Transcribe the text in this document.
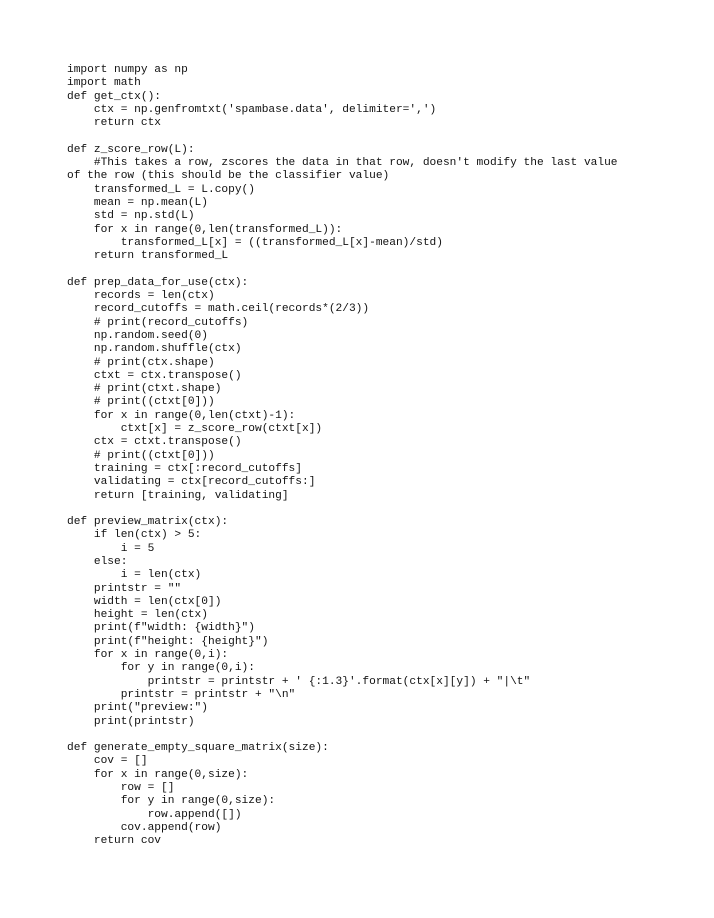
import numpy as np
import math
def get_ctx():
ctx = np.genfromtxt('spambase.data', delimiter=',')
return ctx
def z_score_row(L):
#This takes a row, zscores the data in that row, doesn't modify the last value
of the row (this should be the classifier value)
transformed_L = L.copy()
mean = np.mean(L)
std = np.std(L)
for x in range(0,len(transformed_L)):
transformed_L[x] = ((transformed_L[x]-mean)/std)
return transformed_L
def prep_data_for_use(ctx):
records = len(ctx)
record_cutoffs = math.ceil(records*(2/3))
# print(record_cutoffs)
np.random.seed(0)
np.random.shuffle(ctx)
# print(ctx.shape)
ctxt = ctx.transpose()
# print(ctxt.shape)
# print((ctxt[0]))
for x in range(0,len(ctxt)-1):
ctxt[x] = z_score_row(ctxt[x])
ctx = ctxt.transpose()
# print((ctxt[0]))
training = ctx[:record_cutoffs]
validating = ctx[record_cutoffs:]
return [training, validating]
def preview_matrix(ctx):
if len(ctx) > 5:
i = 5
else:
i = len(ctx)
printstr = ""
width = len(ctx[0])
height = len(ctx)
print(f"width: {width}")
print(f"height: {height}")
for x in range(0,i):
for y in range(0,i):
printstr = printstr + ' {:1.3}'.format(ctx[x][y]) + "|\t"
printstr = printstr + "\n"
print("preview:")
print(printstr)
def generate_empty_square_matrix(size):
cov = []
for x in range(0,size):
row = []
for y in range(0,size):
row.append([])
cov.append(row)
return cov
